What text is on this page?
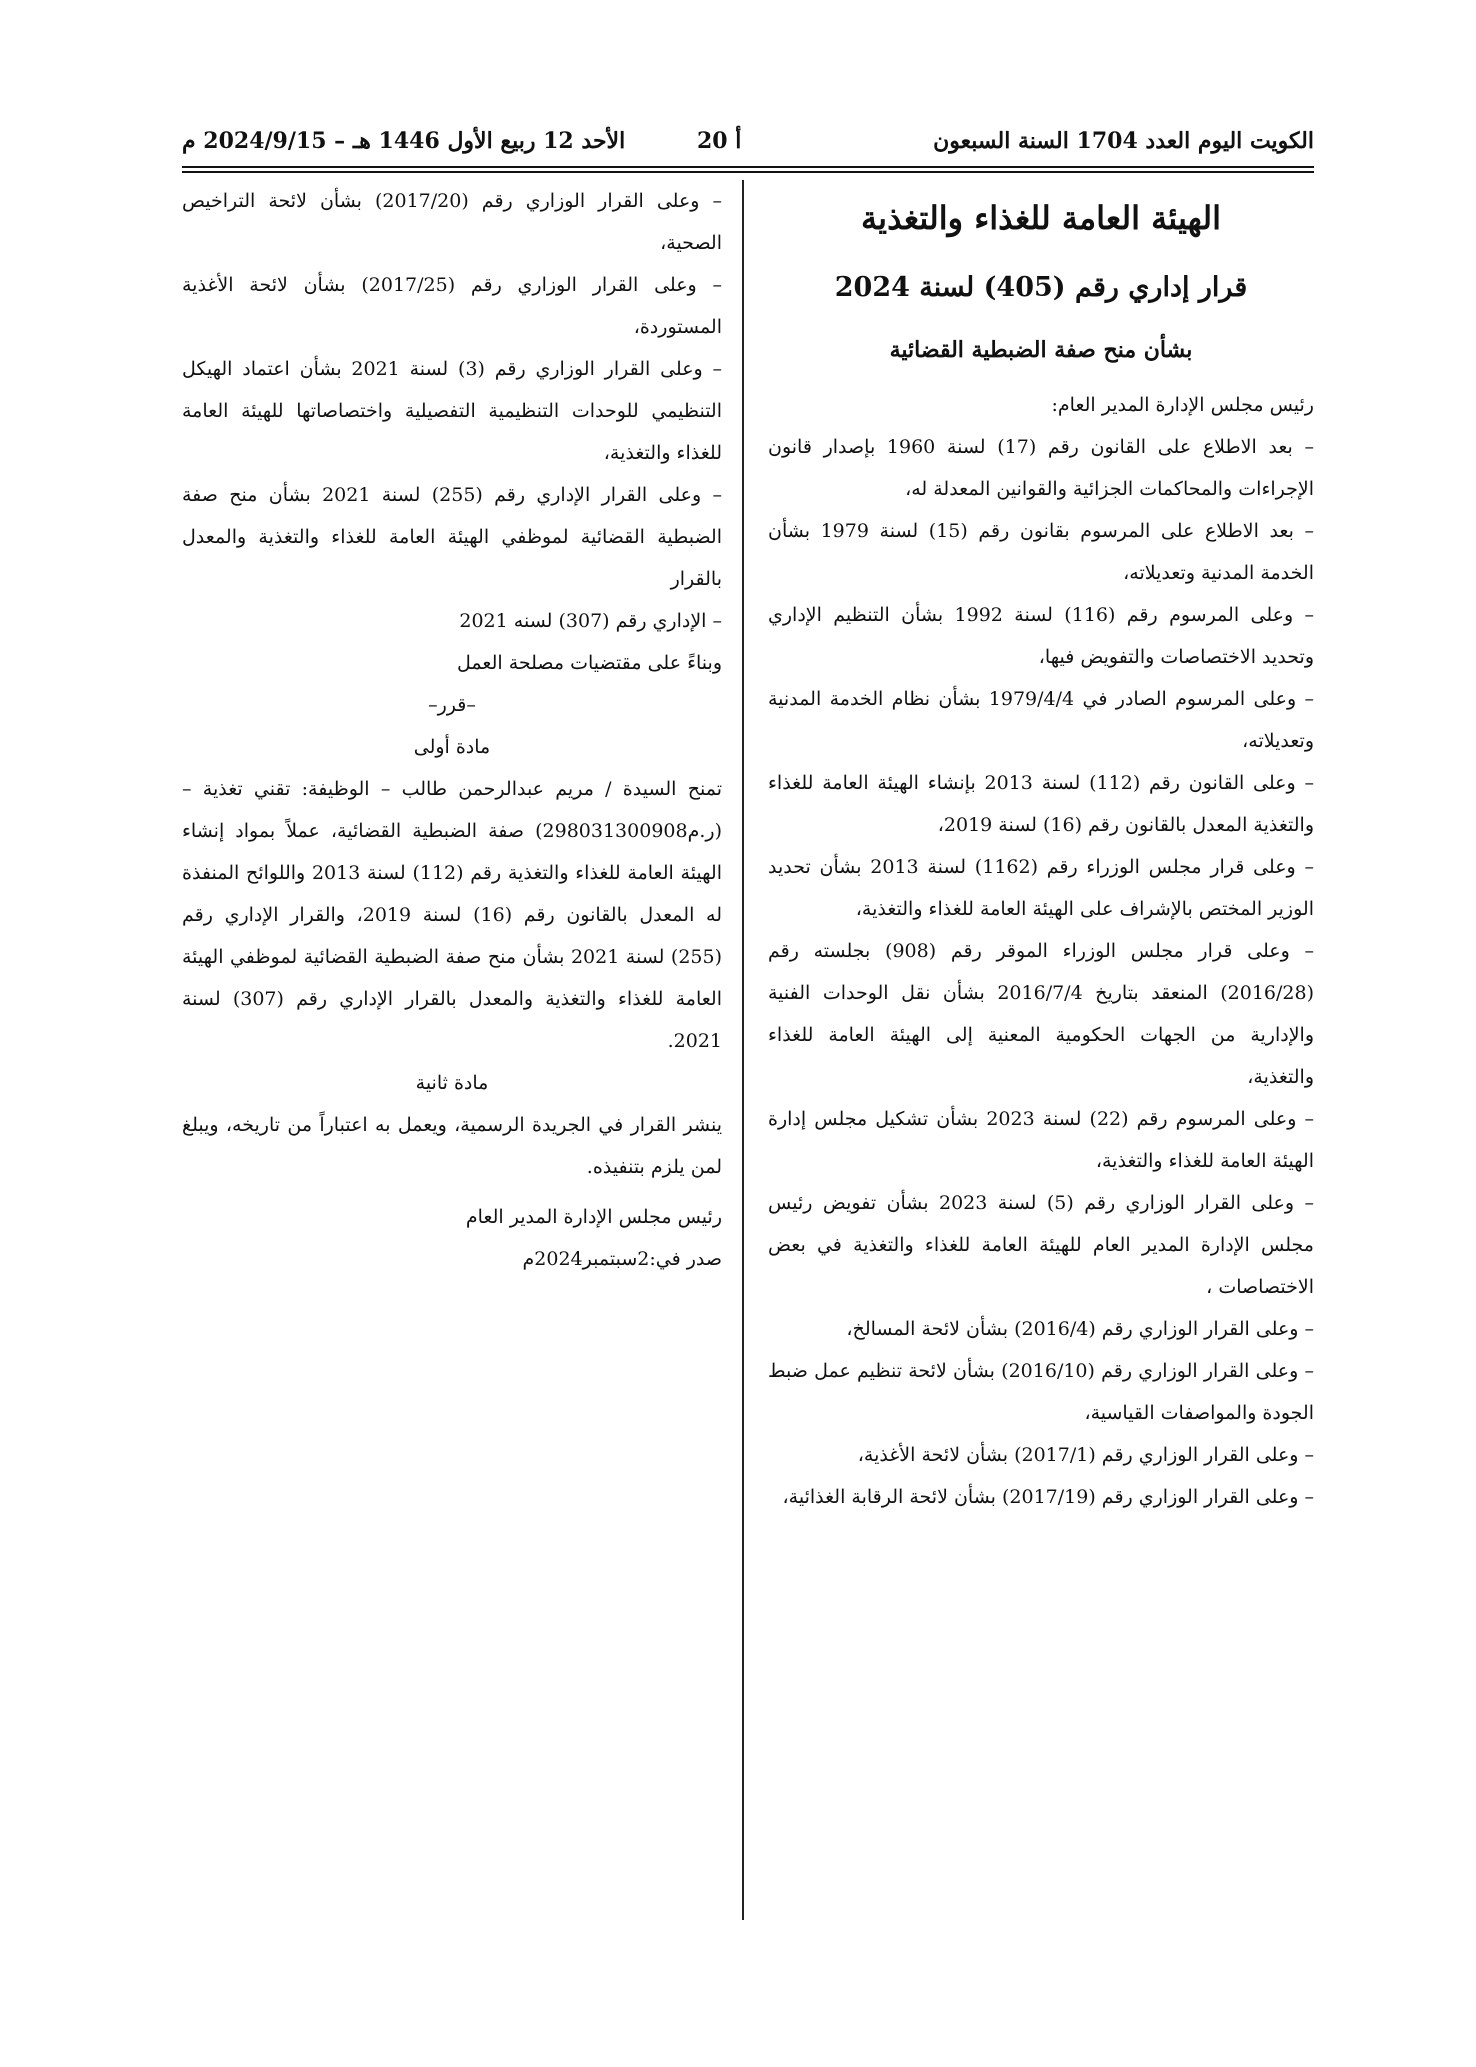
الكويت اليوم العدد 1704 السنة السبعون
أ 20
الأحد 12 ربيع الأول 1446 هـ – 2024/9/15 م

الهيئة العامة للغذاء والتغذية

قرار إداري رقم (405) لسنة 2024

بشأن منح صفة الضبطية القضائية

رئيس مجلس الإدارة المدير العام:

– بعد الاطلاع على القانون رقم (17) لسنة 1960 بإصدار قانون الإجراءات والمحاكمات الجزائية والقوانين المعدلة له،

– بعد الاطلاع على المرسوم بقانون رقم (15) لسنة 1979 بشأن الخدمة المدنية وتعديلاته،

– وعلى المرسوم رقم (116) لسنة 1992 بشأن التنظيم الإداري وتحديد الاختصاصات والتفويض فيها،

– وعلى المرسوم الصادر في 1979/4/4 بشأن نظام الخدمة المدنية وتعديلاته،

– وعلى القانون رقم (112) لسنة 2013 بإنشاء الهيئة العامة للغذاء والتغذية المعدل بالقانون رقم (16) لسنة 2019،

– وعلى قرار مجلس الوزراء رقم (1162) لسنة 2013 بشأن تحديد الوزير المختص بالإشراف على الهيئة العامة للغذاء والتغذية،

– وعلى قرار مجلس الوزراء الموقر رقم (908) بجلسته رقم (2016/28) المنعقد بتاريخ 2016/7/4 بشأن نقل الوحدات الفنية والإدارية من الجهات الحكومية المعنية إلى الهيئة العامة للغذاء والتغذية،

– وعلى المرسوم رقم (22) لسنة 2023 بشأن تشكيل مجلس إدارة الهيئة العامة للغذاء والتغذية،

– وعلى القرار الوزاري رقم (5) لسنة 2023 بشأن تفويض رئيس مجلس الإدارة المدير العام للهيئة العامة للغذاء والتغذية في بعض الاختصاصات ،

– وعلى القرار الوزاري رقم (2016/4) بشأن لائحة المسالخ،

– وعلى القرار الوزاري رقم (2016/10) بشأن لائحة تنظيم عمل ضبط الجودة والمواصفات القياسية،

– وعلى القرار الوزاري رقم (2017/1) بشأن لائحة الأغذية،

– وعلى القرار الوزاري رقم (2017/19) بشأن لائحة الرقابة الغذائية،

– وعلى القرار الوزاري رقم (2017/20) بشأن لائحة التراخيص الصحية،

– وعلى القرار الوزاري رقم (2017/25) بشأن لائحة الأغذية المستوردة،

– وعلى القرار الوزاري رقم (3) لسنة 2021 بشأن اعتماد الهيكل التنظيمي للوحدات التنظيمية التفصيلية واختصاصاتها للهيئة العامة للغذاء والتغذية،

– وعلى القرار الإداري رقم (255) لسنة 2021 بشأن منح صفة الضبطية القضائية لموظفي الهيئة العامة للغذاء والتغذية والمعدل بالقرار

– الإداري رقم (307) لسنه 2021

وبناءً على مقتضيات مصلحة العمل

–قرر–

مادة أولى

تمنح السيدة / مريم عبدالرحمن طالب – الوظيفة: تقني تغذية – (ر.م298031300908) صفة الضبطية القضائية، عملاً بمواد إنشاء الهيئة العامة للغذاء والتغذية رقم (112) لسنة 2013 واللوائح المنفذة له المعدل بالقانون رقم (16) لسنة 2019، والقرار الإداري رقم (255) لسنة 2021 بشأن منح صفة الضبطية القضائية لموظفي الهيئة العامة للغذاء والتغذية والمعدل بالقرار الإداري رقم (307) لسنة 2021.

مادة ثانية

ينشر القرار في الجريدة الرسمية، ويعمل به اعتباراً من تاريخه، ويبلغ لمن يلزم بتنفيذه.

رئيس مجلس الإدارة المدير العام

صدر في:2سبتمبر2024م
